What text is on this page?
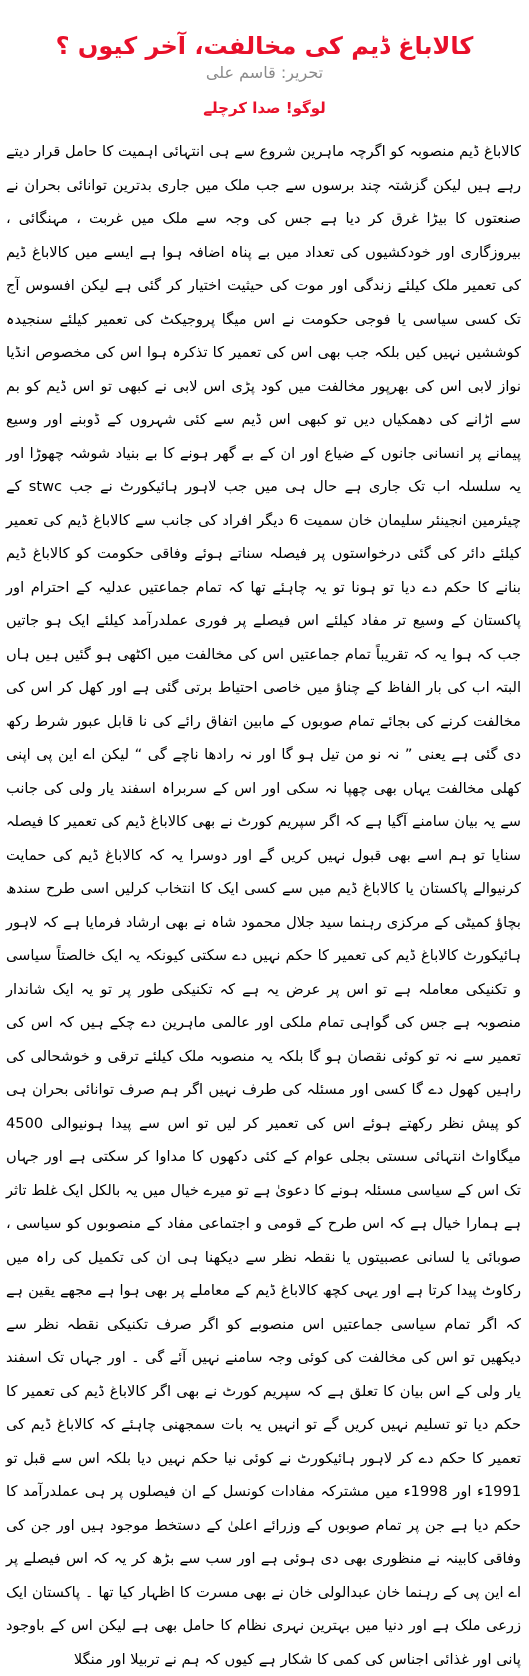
کالاباغ ڈیم کی مخالفت، آخر کیوں ؟
تحریر: قاسم علی
لوگو! صدا کرچلے

کالاباغ ڈیم منصوبہ کو اگرچہ ماہرین شروع سے ہی انتہائی اہمیت کا حامل قرار دیتے رہے ہیں لیکن گزشتہ چند برسوں سے جب ملک میں جاری بدترین توانائی بحران نے صنعتوں کا بیڑا غرق کر دیا ہے جس کی وجہ سے ملک میں غربت ، مہنگائی ، بیروزگاری اور خودکشیوں کی تعداد میں بے پناہ اضافہ ہوا ہے ایسے میں کالاباغ ڈیم کی تعمیر ملک کیلئے زندگی اور موت کی حیثیت اختیار کر گئی ہے لیکن افسوس آج تک کسی سیاسی یا فوجی حکومت نے اس میگا پروجیکٹ کی تعمیر کیلئے سنجیدہ کوششیں نہیں کیں بلکہ جب بھی اس کی تعمیر کا تذکرہ ہوا اس کی مخصوص انڈیا نواز لابی اس کی بھرپور مخالفت میں کود پڑی اس لابی نے کبھی تو اس ڈیم کو بم سے اڑانے کی دھمکیاں دیں تو کبھی اس ڈیم سے کئی شہروں کے ڈوبنے اور وسیع پیمانے پر انسانی جانوں کے ضیاع اور ان کے بے گھر ہونے کا بے بنیاد شوشہ چھوڑا اور یہ سلسلہ اب تک جاری ہے حال ہی میں جب لاہور ہائیکورٹ نے جب stwc کے چیئرمین انجینئر سلیمان خان سمیت 6 دیگر افراد کی جانب سے کالاباغ ڈیم کی تعمیر کیلئے دائر کی گئی درخواستوں پر فیصلہ سناتے ہوئے وفاقی حکومت کو کالاباغ ڈیم بنانے کا حکم دے دیا تو ہونا تو یہ چاہئے تھا کہ تمام جماعتیں عدلیہ کے احترام اور پاکستان کے وسیع تر مفاد کیلئے اس فیصلے پر فوری عملدرآمد کیلئے ایک ہو جاتیں جب کہ ہوا یہ کہ تقریباً تمام جماعتیں اس کی مخالفت میں اکٹھی ہو گئیں ہیں ہاں البتہ اب کی بار الفاظ کے چناؤ میں خاصی احتیاط برتی گئی ہے اور کھل کر اس کی مخالفت کرنے کی بجائے تمام صوبوں کے مابین اتفاق رائے کی نا قابل عبور شرط رکھ دی گئی ہے یعنی ” نہ نو من تیل ہو گا اور نہ رادھا ناچے گی “ لیکن اے این پی اپنی کھلی مخالفت یہاں بھی چھپا نہ سکی اور اس کے سربراہ اسفند یار ولی کی جانب سے یہ بیان سامنے آگیا ہے کہ اگر سپریم کورٹ نے بھی کالاباغ ڈیم کی تعمیر کا فیصلہ سنایا تو ہم اسے بھی قبول نہیں کریں گے اور دوسرا یہ کہ کالاباغ ڈیم کی حمایت کرنیوالے پاکستان یا کالاباغ ڈیم میں سے کسی ایک کا انتخاب کرلیں اسی طرح سندھ بچاؤ کمیٹی کے مرکزی رہنما سید جلال محمود شاہ نے بھی ارشاد فرمایا ہے کہ لاہور ہائیکورٹ کالاباغ ڈیم کی تعمیر کا حکم نہیں دے سکتی کیونکہ یہ ایک خالصتاً سیاسی و تکنیکی معاملہ ہے تو اس پر عرض یہ ہے کہ تکنیکی طور پر تو یہ ایک شاندار منصوبہ ہے جس کی گواہی تمام ملکی اور عالمی ماہرین دے چکے ہیں کہ اس کی تعمیر سے نہ تو کوئی نقصان ہو گا بلکہ یہ منصوبہ ملک کیلئے ترقی و خوشحالی کی راہیں کھول دے گا کسی اور مسئلہ کی طرف نہیں اگر ہم صرف توانائی بحران ہی کو پیش نظر رکھتے ہوئے اس کی تعمیر کر لیں تو اس سے پیدا ہونیوالی 4500 میگاواٹ انتہائی سستی بجلی عوام کے کئی دکھوں کا مداوا کر سکتی ہے اور جہاں تک اس کے سیاسی مسئلہ ہونے کا دعویٰ ہے تو میرے خیال میں یہ بالکل ایک غلط تاثر ہے ہمارا خیال ہے کہ اس طرح کے قومی و اجتماعی مفاد کے منصوبوں کو سیاسی ، صوبائی یا لسانی عصبیتوں یا نقطہ نظر سے دیکھنا ہی ان کی تکمیل کی راہ میں رکاوٹ پیدا کرتا ہے اور یہی کچھ کالاباغ ڈیم کے معاملے پر بھی ہوا ہے مجھے یقین ہے کہ اگر تمام سیاسی جماعتیں اس منصوبے کو اگر صرف تکنیکی نقطہ نظر سے دیکھیں تو اس کی مخالفت کی کوئی وجہ سامنے نہیں آئے گی ۔ اور جہاں تک اسفند یار ولی کے اس بیان کا تعلق ہے کہ سپریم کورٹ نے بھی اگر کالاباغ ڈیم کی تعمیر کا حکم دیا تو تسلیم نہیں کریں گے تو انہیں یہ بات سمجھنی چاہئے کہ کالاباغ ڈیم کی تعمیر کا حکم دے کر لاہور ہائیکورٹ نے کوئی نیا حکم نہیں دیا بلکہ اس سے قبل تو 1991ء اور 1998ء میں مشترکہ مفادات کونسل کے ان فیصلوں پر ہی عملدرآمد کا حکم دیا ہے جن پر تمام صوبوں کے وزرائے اعلیٰ کے دستخط موجود ہیں اور جن کی وفاقی کابینہ نے منظوری بھی دی ہوئی ہے اور سب سے بڑھ کر یہ کہ اس فیصلے پر اے این پی کے رہنما خان عبدالولی خان نے بھی مسرت کا اظہار کیا تھا ۔ پاکستان ایک زرعی ملک ہے اور دنیا میں بہترین نہری نظام کا حامل بھی ہے لیکن اس کے باوجود پانی اور غذائی اجناس کی کمی کا شکار ہے کیوں کہ ہم نے تربیلا اور منگلا
